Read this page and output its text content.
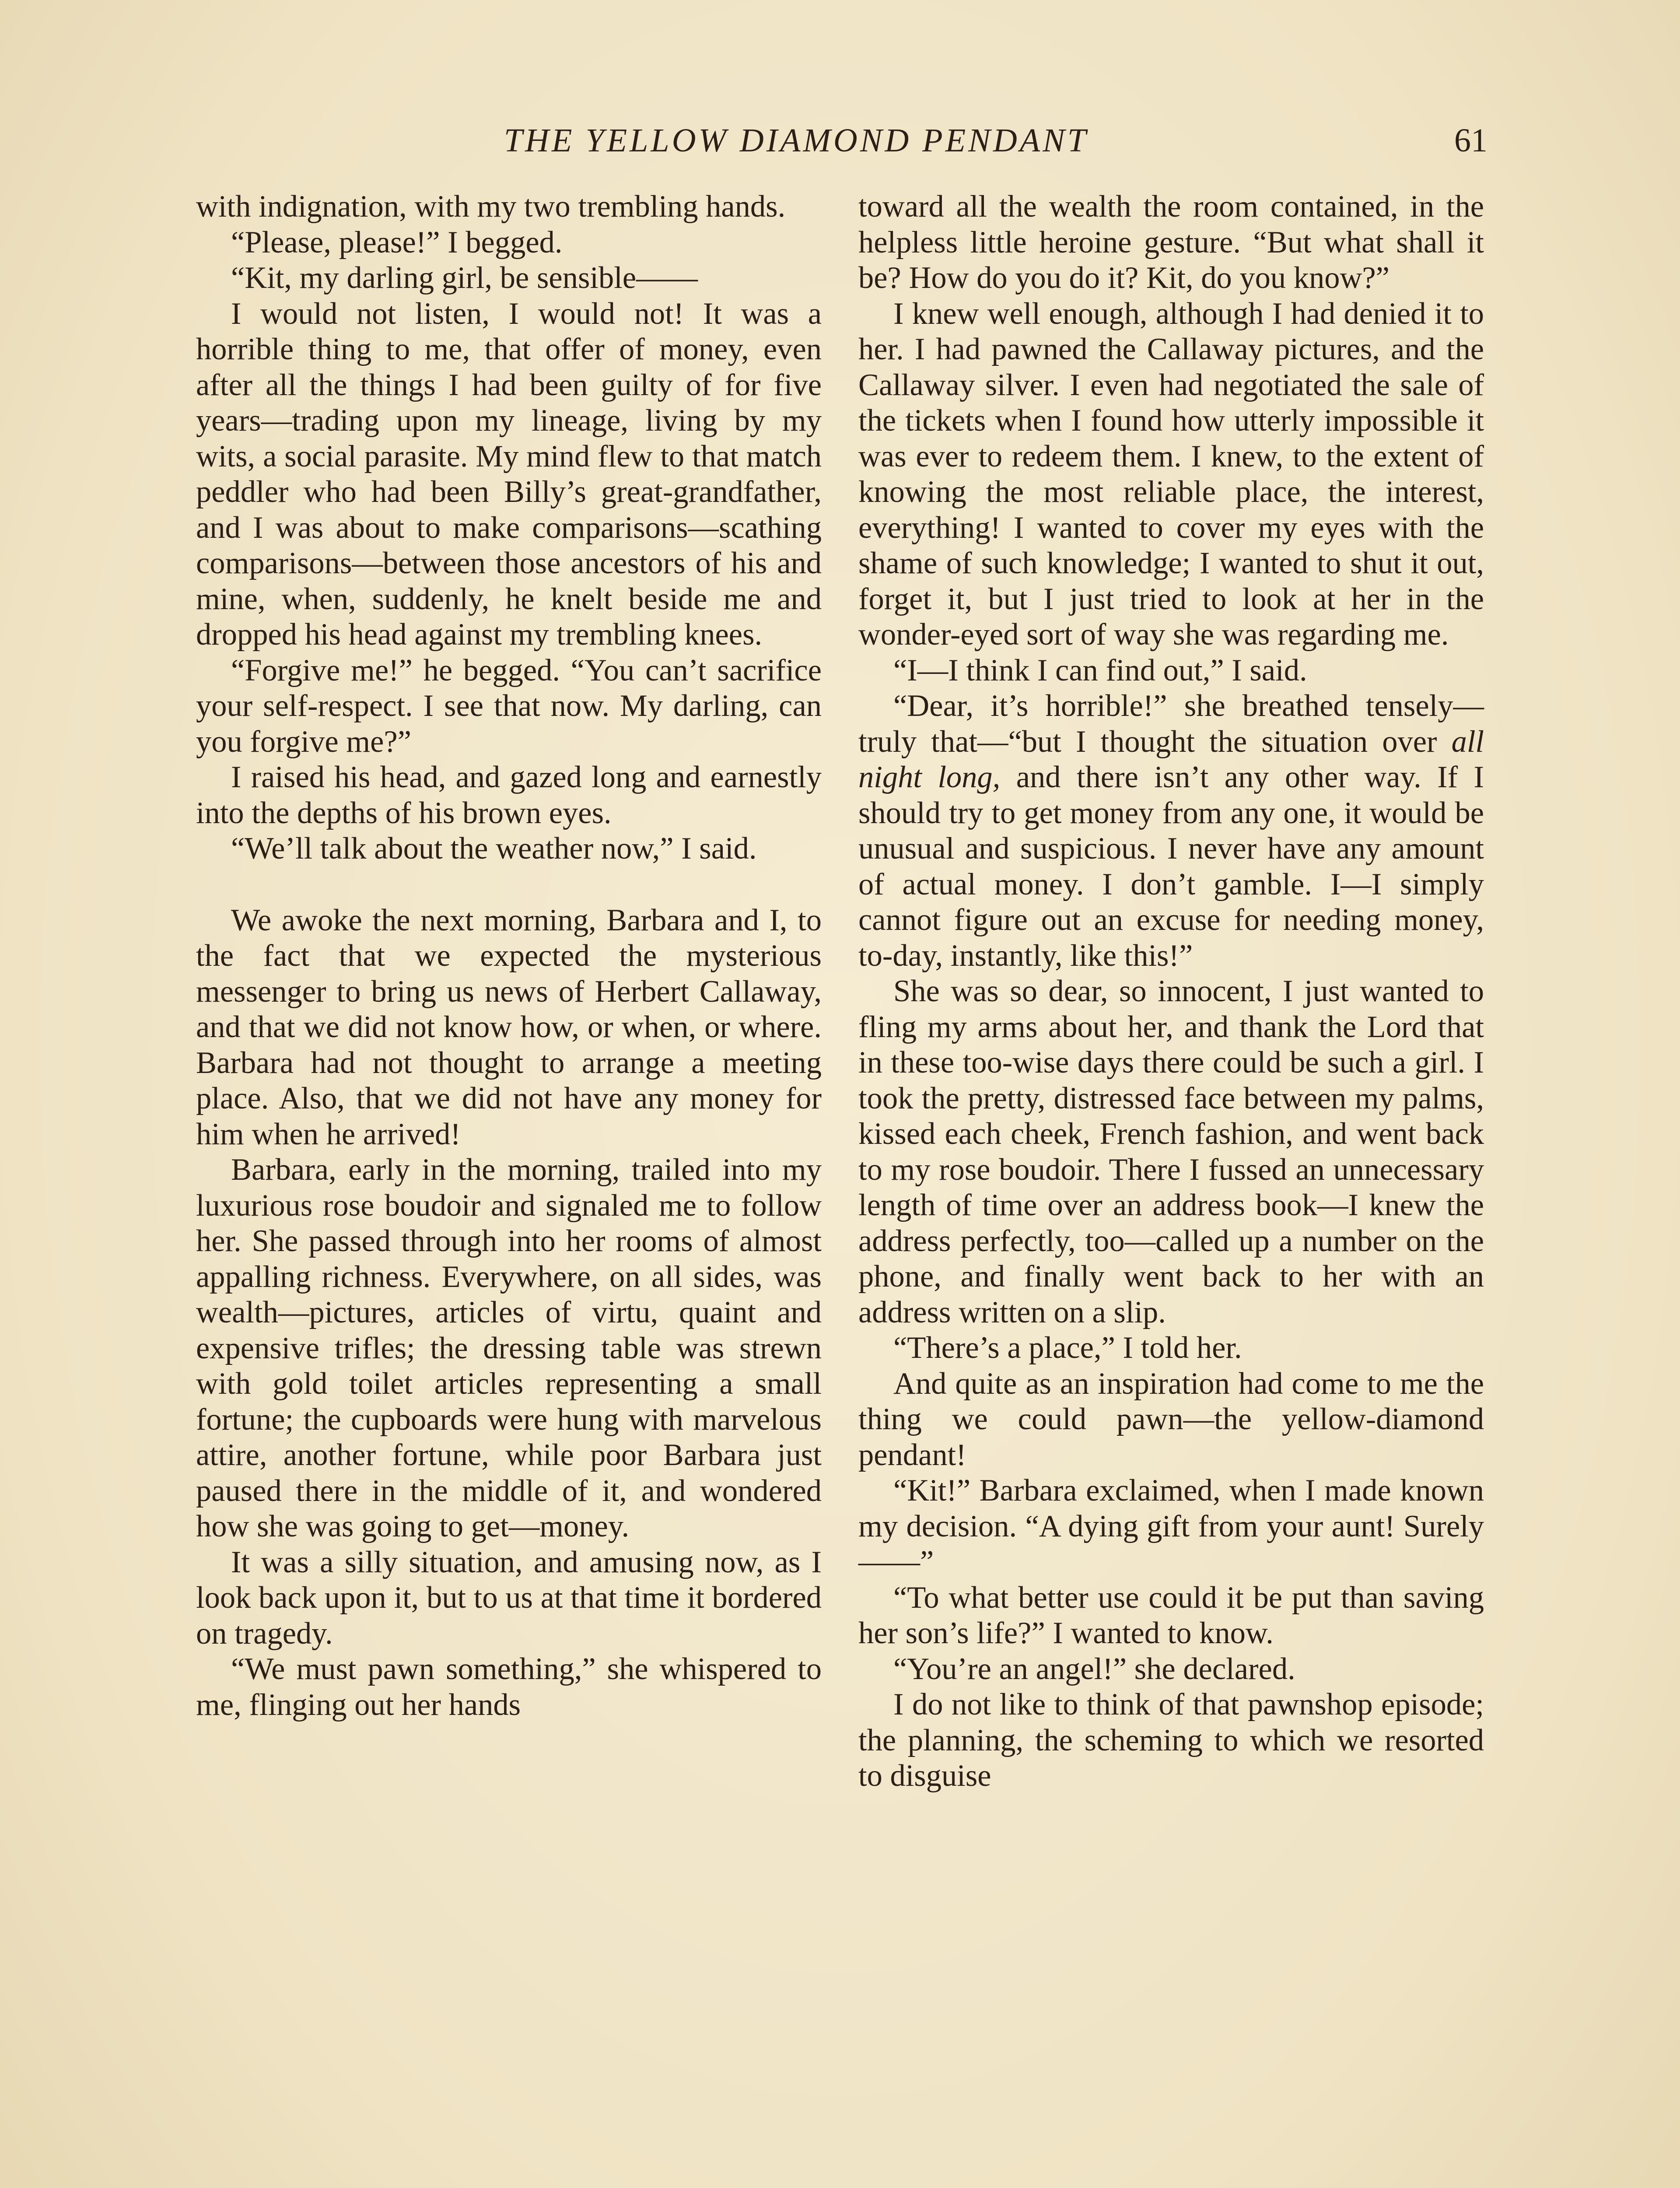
THE YELLOW DIAMOND PENDANT	61

with indignation, with my two trembling hands.

“Please, please!” I begged.

“Kit, my darling girl, be sensible——

I would not listen, I would not! It was a horrible thing to me, that offer of money, even after all the things I had been guilty of for five years—trading upon my lineage, living by my wits, a social parasite. My mind flew to that match peddler who had been Billy’s great-grandfather, and I was about to make comparisons—scathing comparisons—between those ancestors of his and mine, when, suddenly, he knelt beside me and dropped his head against my trembling knees.

“Forgive me!” he begged. “You can’t sacrifice your self-respect. I see that now. My darling, can you forgive me?”

I raised his head, and gazed long and earnestly into the depths of his brown eyes.

“We’ll talk about the weather now,” I said.

We awoke the next morning, Barbara and I, to the fact that we expected the mysterious messenger to bring us news of Herbert Callaway, and that we did not know how, or when, or where. Barbara had not thought to arrange a meeting place. Also, that we did not have any money for him when he arrived!

Barbara, early in the morning, trailed into my luxurious rose boudoir and signaled me to follow her. She passed through into her rooms of almost appalling richness. Everywhere, on all sides, was wealth—pictures, articles of virtu, quaint and expensive trifles; the dressing table was strewn with gold toilet articles representing a small fortune; the cupboards were hung with marvelous attire, another fortune, while poor Barbara just paused there in the middle of it, and wondered how she was going to get—money.

It was a silly situation, and amusing now, as I look back upon it, but to us at that time it bordered on tragedy.

“We must pawn something,” she whispered to me, flinging out her hands

toward all the wealth the room contained, in the helpless little heroine gesture. “But what shall it be? How do you do it? Kit, do you know?”

I knew well enough, although I had denied it to her. I had pawned the Callaway pictures, and the Callaway silver. I even had negotiated the sale of the tickets when I found how utterly impossible it was ever to redeem them. I knew, to the extent of knowing the most reliable place, the interest, everything! I wanted to cover my eyes with the shame of such knowledge; I wanted to shut it out, forget it, but I just tried to look at her in the wonder-eyed sort of way she was regarding me.

“I—I think I can find out,” I said.

“Dear, it’s horrible!” she breathed tensely—truly that—“but I thought the situation over all night long, and there isn’t any other way. If I should try to get money from any one, it would be unusual and suspicious. I never have any amount of actual money. I don’t gamble. I—I simply cannot figure out an excuse for needing money, to-day, instantly, like this!”

She was so dear, so innocent, I just wanted to fling my arms about her, and thank the Lord that in these too-wise days there could be such a girl. I took the pretty, distressed face between my palms, kissed each cheek, French fashion, and went back to my rose boudoir. There I fussed an unnecessary length of time over an address book—I knew the address perfectly, too—called up a number on the phone, and finally went back to her with an address written on a slip.

“There’s a place,” I told her.

And quite as an inspiration had come to me the thing we could pawn—the yellow-diamond pendant!

“Kit!” Barbara exclaimed, when I made known my decision. “A dying gift from your aunt! Surely——”

“To what better use could it be put than saving her son’s life?” I wanted to know.

“You’re an angel!” she declared.

I do not like to think of that pawnshop episode; the planning, the scheming to which we resorted to disguise
